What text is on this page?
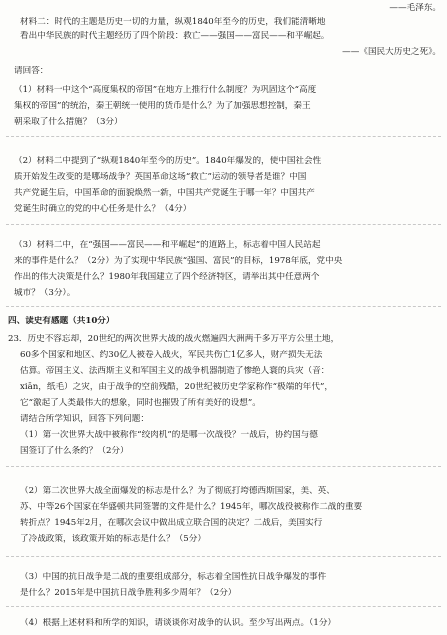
——毛泽东。
材料二：时代的主题是历史一切的力量，纵观1840年至今的历史，我们能清晰地
看出中华民族的时代主题经历了四个阶段：救亡——强国——富民——和平崛起。
——《国民大历史之死》。
请回答：
（1）材料一中这个“高度集权的帝国”在地方上推行什么制度？为巩固这个“高度
集权的帝国”的统治，秦王朝统一使用的货币是什么？为了加强思想控制，秦王
朝采取了什么措施？（3分）
（2）材料二中提到了“纵观1840年至今的历史”。1840年爆发的，使中国社会性
质开始发生改变的是哪场战争？英国革命这场“救亡”运动的领导者是谁？中国
共产党诞生后，中国革命的面貌焕然一新，中国共产党诞生于哪一年？中国共产
党诞生时确立的党的中心任务是什么？（4分）
（3）材料二中，在“强国——富民——和平崛起”的道路上，标志着中国人民站起
来的事件是什么？（2分）为了实现中华民族“强国、富民”的目标，1978年底，党中央
作出的伟大决策是什么？1980年我国建立了四个经济特区，请举出其中任意两个
城市？（3分）。
四、读史有感题（共10分）
23．历史不容忘却，20世纪的两次世界大战的战火燃遍四大洲两千多万平方公里土地，
60多个国家和地区、约30亿人被卷入战火，军民共伤亡1亿多人，财产损失无法
估算。帝国主义、法西斯主义和军国主义的战争机器制造了惨绝人寰的兵灾（音：
xiān，纸毛）之灾，由于战争的空前残酷，20世纪被历史学家称作“极端的年代”，
它“激起了人类最伟大的想象，同时也摧毁了所有美好的设想”。
请结合所学知识，回答下列问题：
（1）第一次世界大战中被称作“绞肉机”的是哪一次战役？一战后，协约国与德
国签订了什么条约？（2分）
（2）第二次世界大战全面爆发的标志是什么？为了彻底打垮德西斯国家，美、英、
苏、中等26个国家在华盛顿共同签署的文件是什么？1945年，哪次战役被称作二战的重要
转折点？1945年2月，在哪次会议中做出成立联合国的决定？二战后，美国实行
了冷战政策，该政策开始的标志是什么？（5分）
（3）中国的抗日战争是二战的重要组成部分，标志着全国性抗日战争爆发的事件
是什么？2015年是中国抗日战争胜利多少周年？（2分）
（4）根据上述材料和所学的知识，请谈谈你对战争的认识。至少写出两点。（1分）
